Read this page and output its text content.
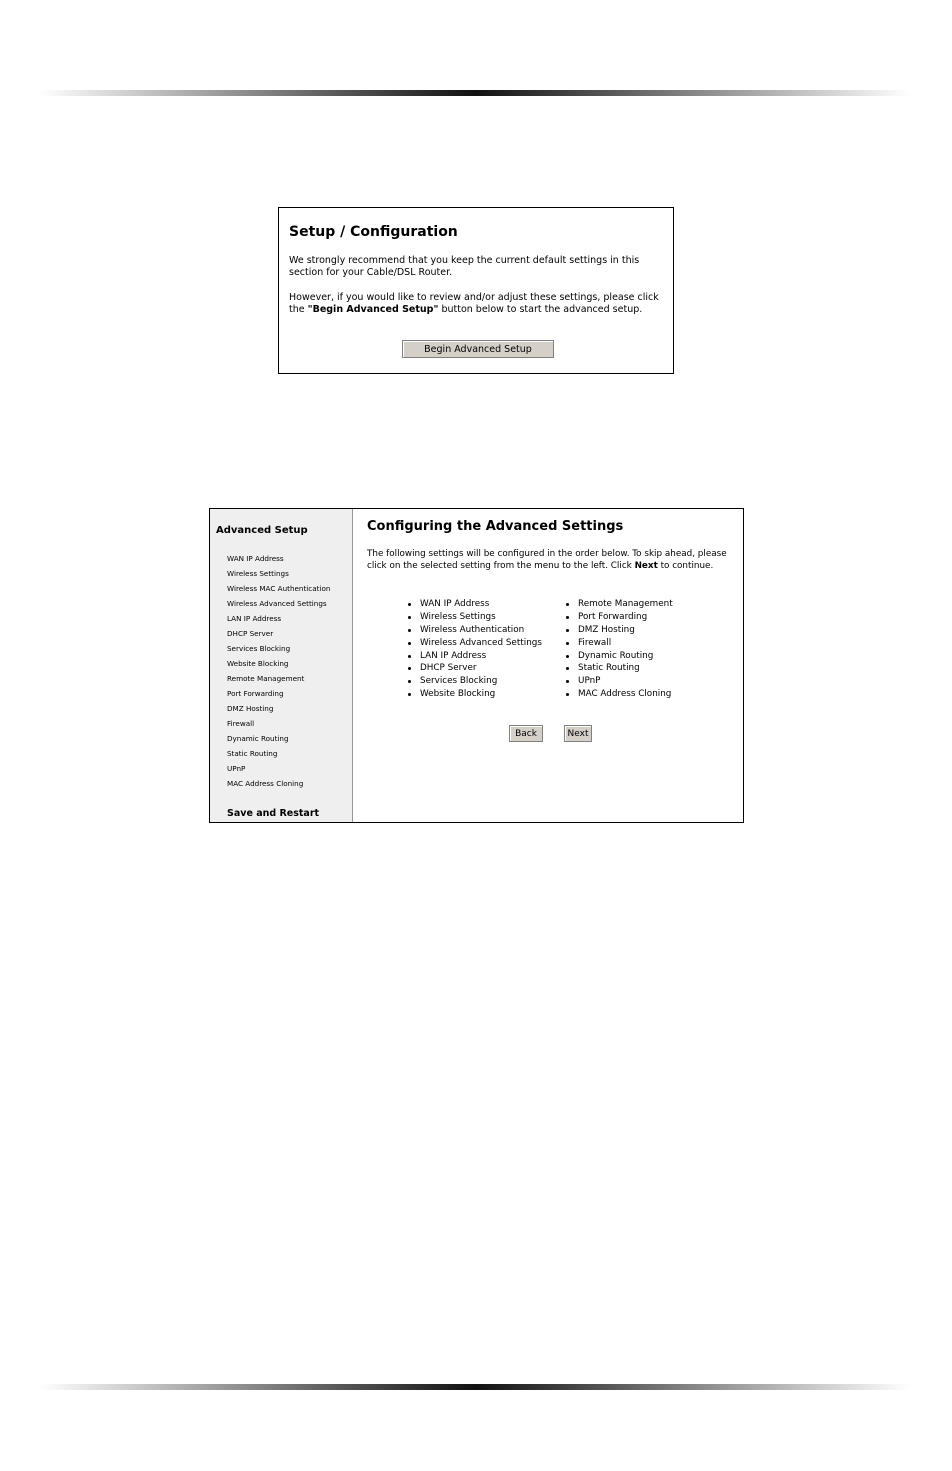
Setup / Configuration

We strongly recommend that you keep the current default settings in this section for your Cable/DSL Router.

However, if you would like to review and/or adjust these settings, please click the "Begin Advanced Setup" button below to start the advanced setup.

Begin Advanced Setup
Advanced Setup
WAN IP Address
Wireless Settings
Wireless MAC Authentication
Wireless Advanced Settings
LAN IP Address
DHCP Server
Services Blocking
Website Blocking
Remote Management
Port Forwarding
DMZ Hosting
Firewall
Dynamic Routing
Static Routing
UPnP
MAC Address Cloning
Save and Restart
Configuring the Advanced Settings

The following settings will be configured in the order below. To skip ahead, please click on the selected setting from the menu to the left. Click Next to continue.

WAN IP Address
Wireless Settings
Wireless Authentication
Wireless Advanced Settings
LAN IP Address
DHCP Server
Services Blocking
Website Blocking
Remote Management
Port Forwarding
DMZ Hosting
Firewall
Dynamic Routing
Static Routing
UPnP
MAC Address Cloning
Back	Next
